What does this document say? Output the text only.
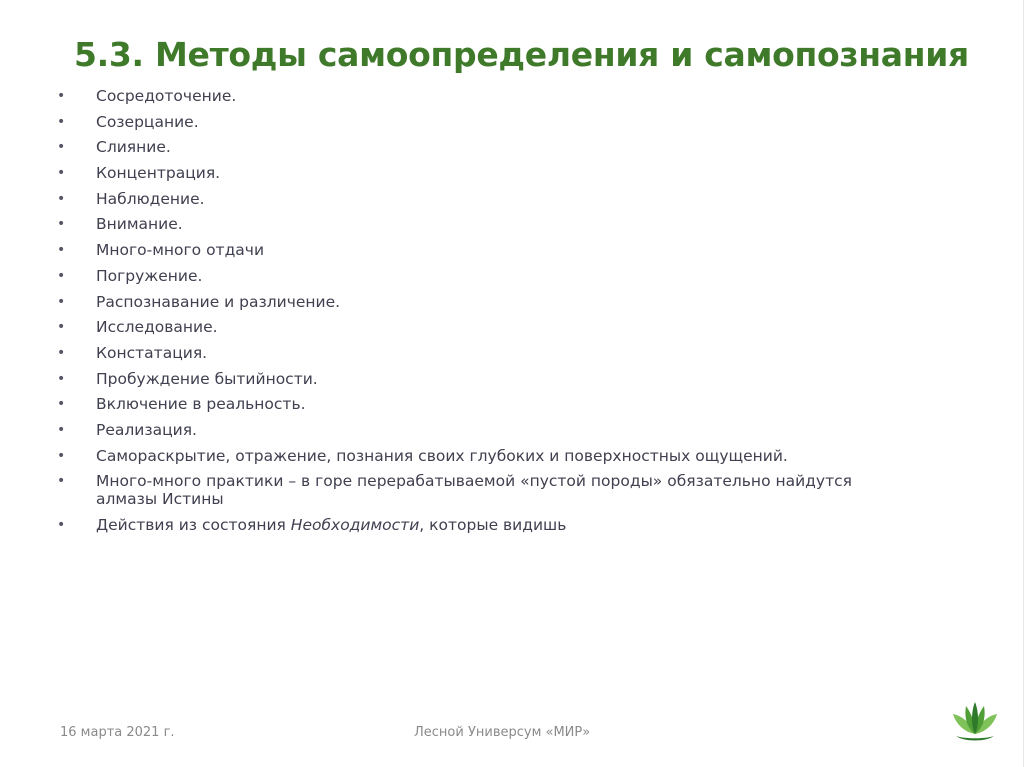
5.3. Методы самоопределения и самопознания
• Сосредоточение.
• Созерцание.
• Слияние.
• Концентрация.
• Наблюдение.
• Внимание.
• Много-много отдачи
• Погружение.
• Распознавание и различение.
• Исследование.
• Констатация.
• Пробуждение бытийности.
• Включение в реальность.
• Реализация.
• Самораскрытие, отражение, познания своих глубоких и поверхностных ощущений.
• Много-много практики – в горе перерабатываемой «пустой породы» обязательно найдутся
алмазы Истины
• Действия из состояния Необходимости, которые видишь
16 марта 2021 г.	Лесной Универсум «МИР»
